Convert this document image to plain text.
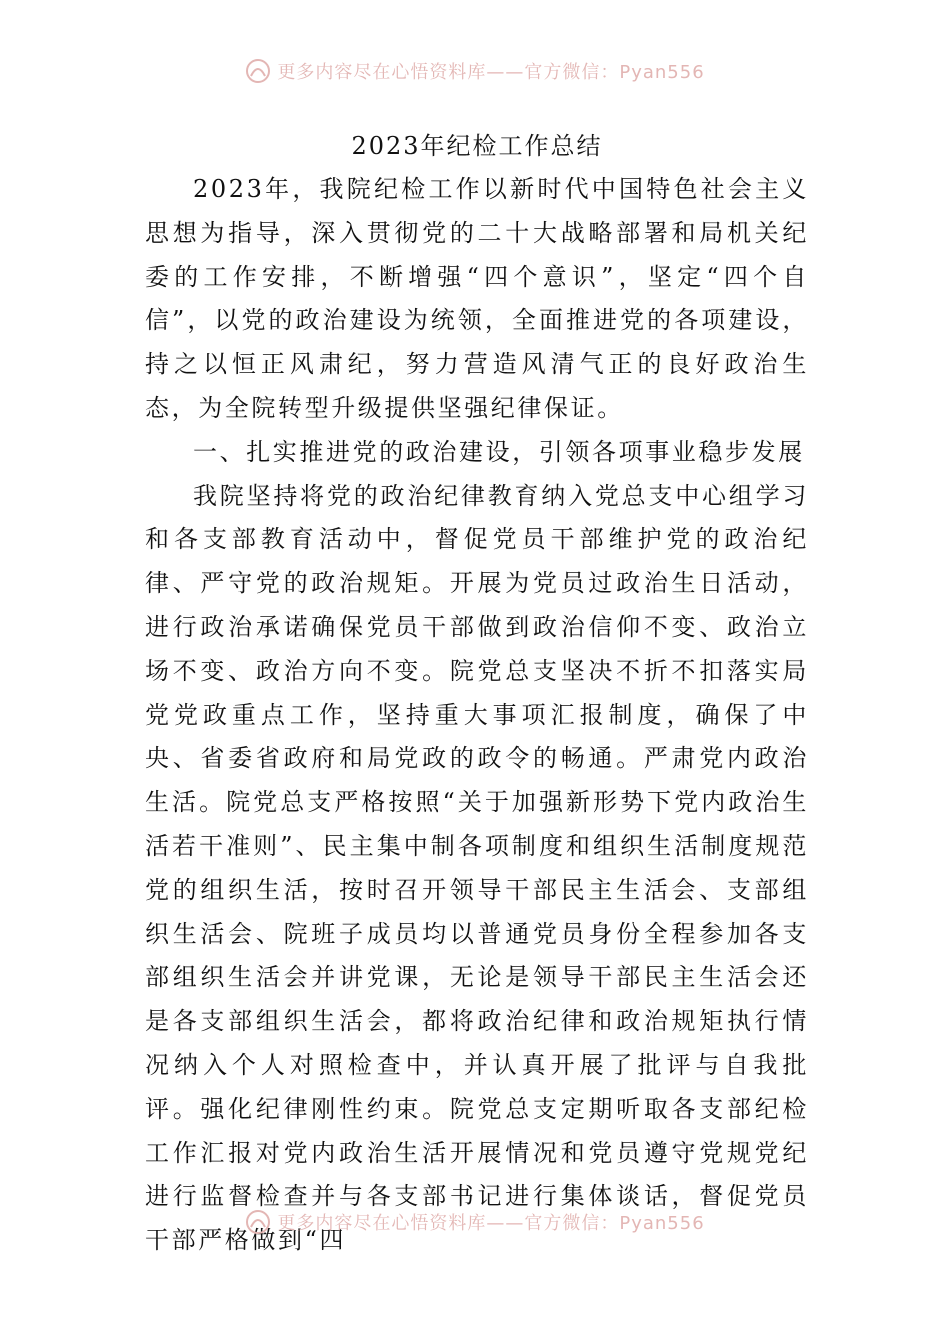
更多内容尽在心悟资料库——官方微信：Pyan556
2023年纪检工作总结

2023年，我院纪检工作以新时代中国特色社会主义思想为指导，深入贯彻党的二十大战略部署和局机关纪委的工作安排，不断增强“四个意识”，坚定“四个自信”，以党的政治建设为统领，全面推进党的各项建设，持之以恒正风肃纪，努力营造风清气正的良好政治生态，为全院转型升级提供坚强纪律保证。

一、扎实推进党的政治建设，引领各项事业稳步发展

我院坚持将党的政治纪律教育纳入党总支中心组学习和各支部教育活动中，督促党员干部维护党的政治纪律、严守党的政治规矩。开展为党员过政治生日活动，进行政治承诺确保党员干部做到政治信仰不变、政治立场不变、政治方向不变。院党总支坚决不折不扣落实局党党政重点工作，坚持重大事项汇报制度，确保了中央、省委省政府和局党政的政令的畅通。严肃党内政治生活。院党总支严格按照“关于加强新形势下党内政治生活若干准则”、民主集中制各项制度和组织生活制度规范党的组织生活，按时召开领导干部民主生活会、支部组织生活会、院班子成员均以普通党员身份全程参加各支部组织生活会并讲党课，无论是领导干部民主生活会还是各支部组织生活会，都将政治纪律和政治规矩执行情况纳入个人对照检查中，并认真开展了批评与自我批评。强化纪律刚性约束。院党总支定期听取各支部纪检工作汇报对党内政治生活开展情况和党员遵守党规党纪进行监督检查并与各支部书记进行集体谈话，督促党员干部严格做到“四

更多内容尽在心悟资料库——官方微信：Pyan556
